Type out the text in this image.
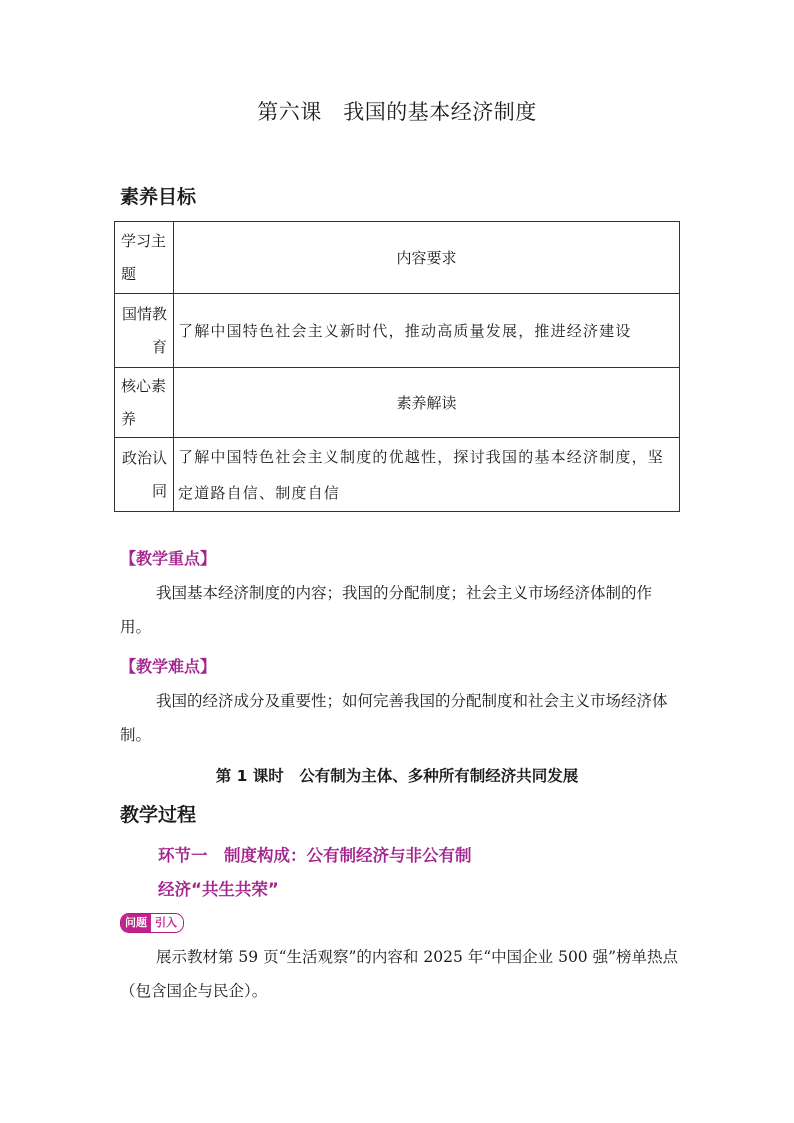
第六课　我国的基本经济制度
素养目标
学习主题	内容要求
国情教育	了解中国特色社会主义新时代，推动高质量发展，推进经济建设
核心素养	素养解读
政治认同	了解中国特色社会主义制度的优越性，探讨我国的基本经济制度，坚定道路自信、制度自信
【教学重点】
我国基本经济制度的内容；我国的分配制度；社会主义市场经济体制的作用。
【教学难点】
我国的经济成分及重要性；如何完善我国的分配制度和社会主义市场经济体制。
第 1 课时　公有制为主体、多种所有制经济共同发展
教学过程
环节一　制度构成：公有制经济与非公有制
经济“共生共荣”
问题 引入
展示教材第 59 页“生活观察”的内容和 2025 年“中国企业 500 强”榜单热点（包含国企与民企）。
